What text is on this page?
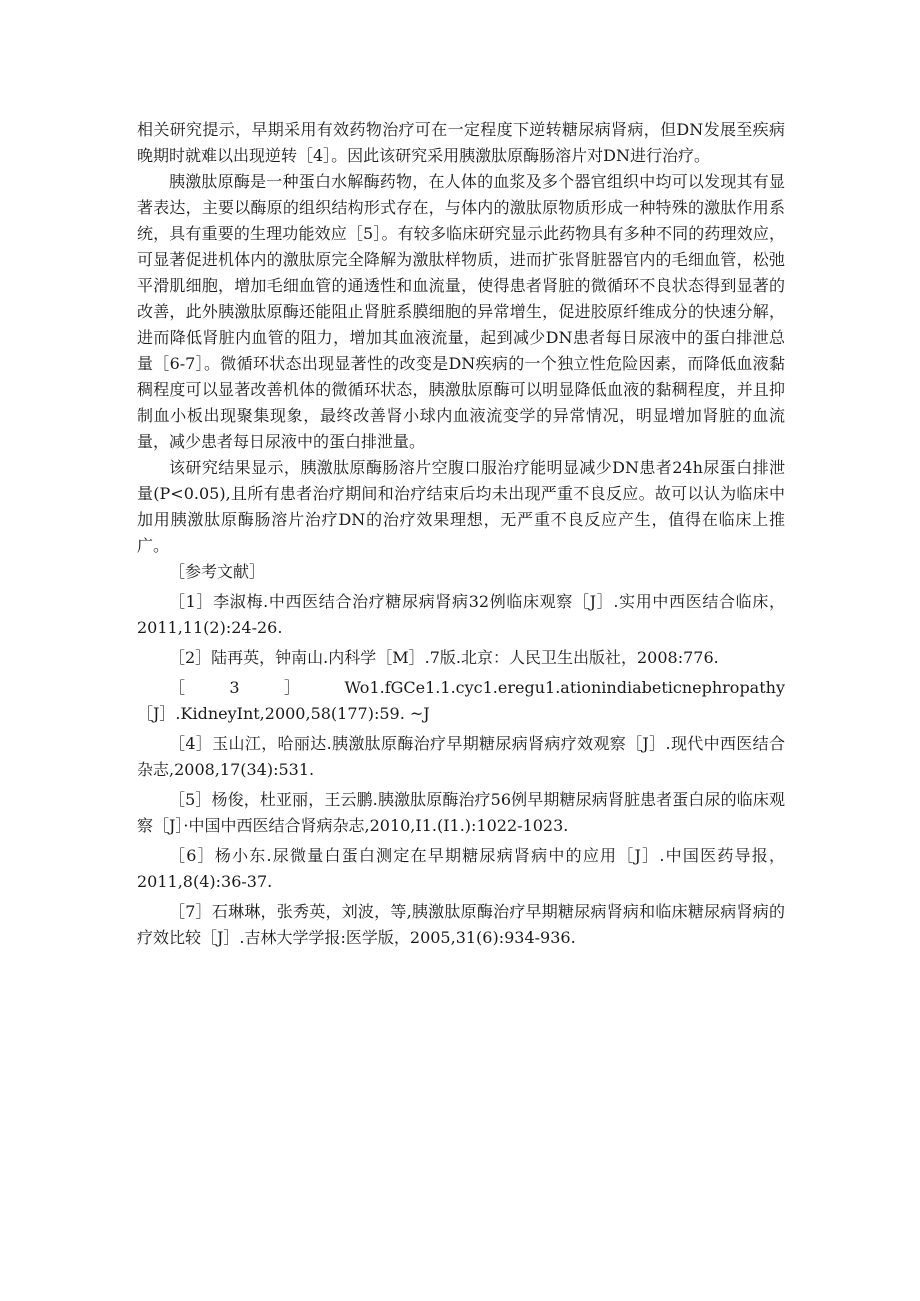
相关研究提示，早期采用有效药物治疗可在一定程度下逆转糖尿病肾病，但DN发展至疾病晚期时就难以出现逆转［4］。因此该研究采用胰激肽原酶肠溶片对DN进行治疗。

胰激肽原酶是一种蛋白水解酶药物，在人体的血浆及多个器官组织中均可以发现其有显著表达，主要以酶原的组织结构形式存在，与体内的激肽原物质形成一种特殊的激肽作用系统，具有重要的生理功能效应［5］。有较多临床研究显示此药物具有多种不同的药理效应，可显著促进机体内的激肽原完全降解为激肽样物质，进而扩张肾脏器官内的毛细血管，松弛平滑肌细胞，增加毛细血管的通透性和血流量，使得患者肾脏的微循环不良状态得到显著的改善，此外胰激肽原酶还能阻止肾脏系膜细胞的异常增生，促进胶原纤维成分的快速分解，进而降低肾脏内血管的阻力，增加其血液流量，起到减少DN患者每日尿液中的蛋白排泄总量［6-7］。微循环状态出现显著性的改变是DN疾病的一个独立性危险因素，而降低血液黏稠程度可以显著改善机体的微循环状态，胰激肽原酶可以明显降低血液的黏稠程度，并且抑制血小板出现聚集现象，最终改善肾小球内血液流变学的异常情况，明显增加肾脏的血流量，减少患者每日尿液中的蛋白排泄量。

该研究结果显示，胰激肽原酶肠溶片空腹口服治疗能明显减少DN患者24h尿蛋白排泄量(P<0.05),且所有患者治疗期间和治疗结束后均未出现严重不良反应。故可以认为临床中加用胰激肽原酶肠溶片治疗DN的治疗效果理想，无严重不良反应产生，值得在临床上推广。

［参考文献］

［1］李淑梅.中西医结合治疗糖尿病肾病32例临床观察［J］.实用中西医结合临床，2011,11(2):24-26.

［2］陆再英，钟南山.内科学［M］.7版.北京：人民卫生出版社，2008:776.

［3］Wo1.fGCe1.1.cyc1.eregu1.ationindiabeticnephropathy［J］.KidneyInt,2000,58(177):59. ~J

［4］玉山江，哈丽达.胰激肽原酶治疗早期糖尿病肾病疗效观察［J］.现代中西医结合杂志,2008,17(34):531.

［5］杨俊，杜亚丽，王云鹏.胰激肽原酶治疗56例早期糖尿病肾脏患者蛋白尿的临床观察［J］·中国中西医结合肾病杂志,2010,I1.(I1.):1022-1023.

［6］杨小东.尿微量白蛋白测定在早期糖尿病肾病中的应用［J］.中国医药导报，2011,8(4):36-37.

［7］石琳琳，张秀英，刘波，等,胰激肽原酶治疗早期糖尿病肾病和临床糖尿病肾病的疗效比较［J］.吉林大学学报:医学版，2005,31(6):934-936.
